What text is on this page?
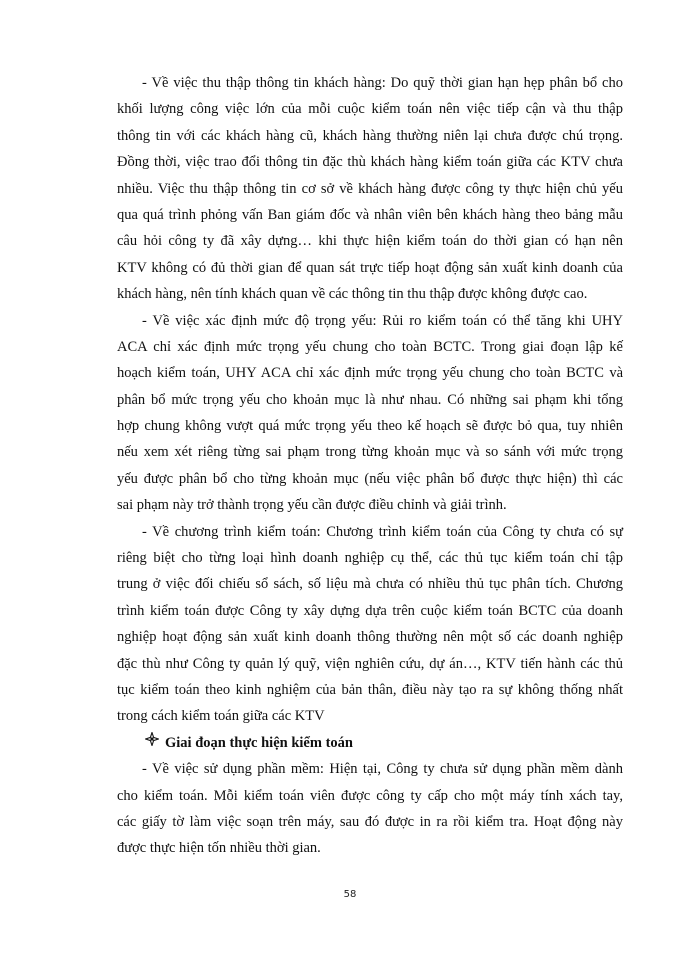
- Về việc thu thập thông tin khách hàng: Do quỹ thời gian hạn hẹp phân bổ cho
khối lượng công việc lớn của mỗi cuộc kiểm toán nên việc tiếp cận và thu thập
thông tin với các khách hàng cũ, khách hàng thường niên lại chưa được chú trọng.
Đồng thời, việc trao đổi thông tin đặc thù khách hàng kiểm toán giữa các KTV chưa
nhiều. Việc thu thập thông tin cơ sở về khách hàng được công ty thực hiện chủ yếu
qua quá trình phỏng vấn Ban giám đốc và nhân viên bên khách hàng theo bảng mẫu
câu hỏi công ty đã xây dựng… khi thực hiện kiểm toán do thời gian có hạn nên
KTV không có đủ thời gian để quan sát trực tiếp hoạt động sản xuất kinh doanh của
khách hàng, nên tính khách quan về các thông tin thu thập được không được cao.
- Về việc xác định mức độ trọng yếu: Rủi ro kiểm toán có thể tăng khi UHY
ACA chỉ xác định mức trọng yếu chung cho toàn BCTC. Trong giai đoạn lập kế
hoạch kiểm toán, UHY ACA chỉ xác định mức trọng yếu chung cho toàn BCTC và
phân bổ mức trọng yếu cho khoản mục là như nhau. Có những sai phạm khi tổng
hợp chung không vượt quá mức trọng yếu theo kế hoạch sẽ được bỏ qua, tuy nhiên
nếu xem xét riêng từng sai phạm trong từng khoản mục và so sánh với mức trọng
yếu được phân bổ cho từng khoản mục (nếu việc phân bổ được thực hiện) thì các
sai phạm này trở thành trọng yếu cần được điều chỉnh và giải trình.
- Về chương trình kiểm toán: Chương trình kiểm toán của Công ty chưa có sự
riêng biệt cho từng loại hình doanh nghiệp cụ thể, các thủ tục kiểm toán chỉ tập
trung ở việc đối chiếu sổ sách, số liệu mà chưa có nhiều thủ tục phân tích. Chương
trình kiểm toán được Công ty xây dựng dựa trên cuộc kiểm toán BCTC của doanh
nghiệp hoạt động sản xuất kinh doanh thông thường nên một số các doanh nghiệp
đặc thù như Công ty quản lý quỹ, viện nghiên cứu, dự án…, KTV tiến hành các thủ
tục kiểm toán theo kinh nghiệm của bản thân, điều này tạo ra sự không thống nhất
trong cách kiểm toán giữa các KTV
Giai đoạn thực hiện kiểm toán
- Về việc sử dụng phần mềm: Hiện tại, Công ty chưa sử dụng phần mềm dành
cho kiểm toán. Mỗi kiểm toán viên được công ty cấp cho một máy tính xách tay,
các giấy tờ làm việc soạn trên máy, sau đó được in ra rồi kiểm tra. Hoạt động này
được thực hiện tốn nhiều thời gian.
58
